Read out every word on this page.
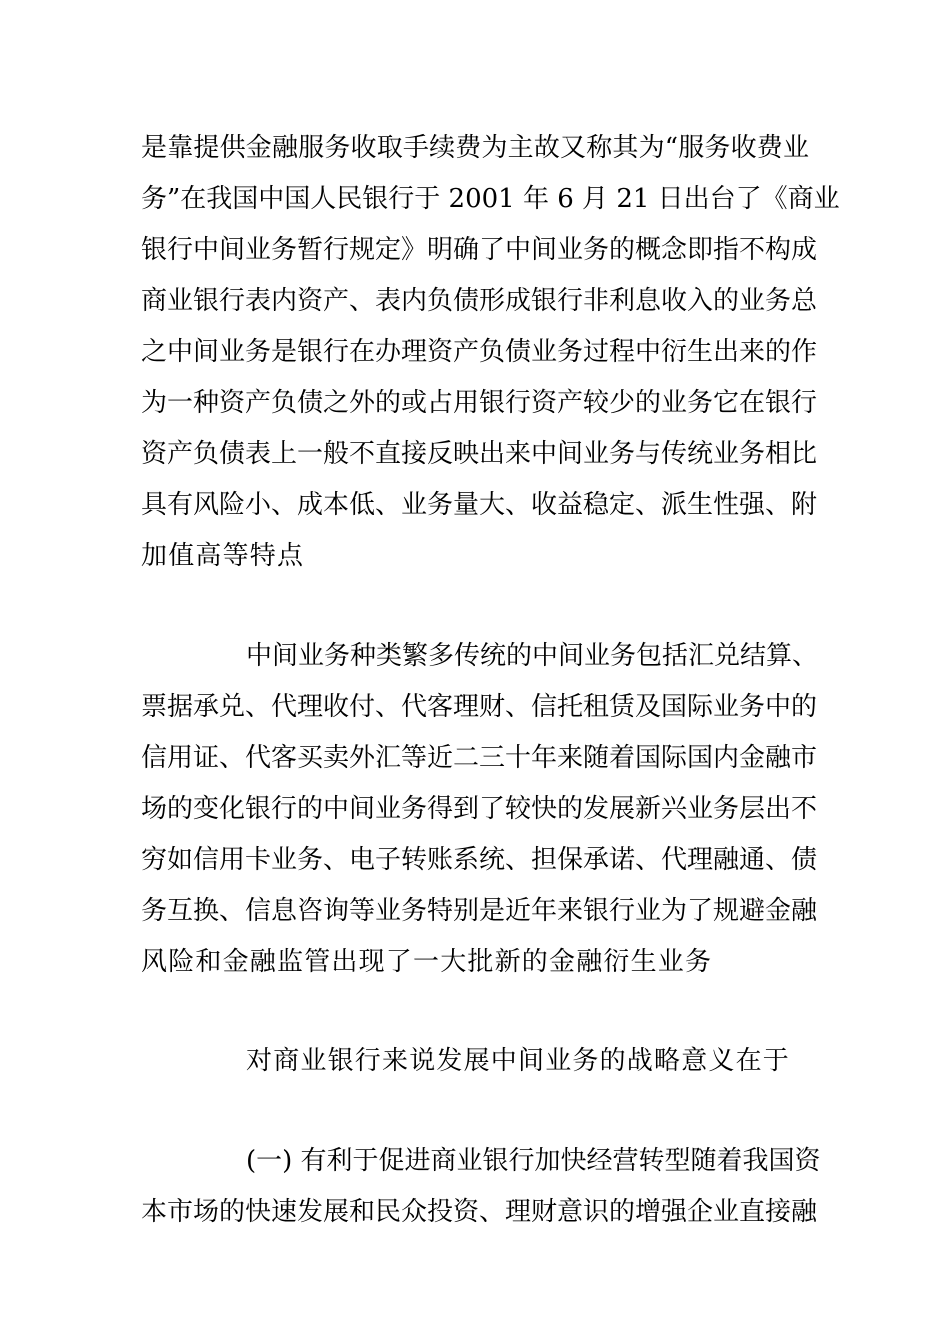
是靠提供金融服务收取手续费为主故又称其为“服务收费业
务”在我国中国人民银行于 2001 年 6 月 21 日出台了《商业
银行中间业务暂行规定》明确了中间业务的概念即指不构成
商业银行表内资产、表内负债形成银行非利息收入的业务总
之中间业务是银行在办理资产负债业务过程中衍生出来的作
为一种资产负债之外的或占用银行资产较少的业务它在银行
资产负债表上一般不直接反映出来中间业务与传统业务相比
具有风险小、成本低、业务量大、收益稳定、派生性强、附
加值高等特点
中间业务种类繁多传统的中间业务包括汇兑结算、
票据承兑、代理收付、代客理财、信托租赁及国际业务中的
信用证、代客买卖外汇等近二三十年来随着国际国内金融市
场的变化银行的中间业务得到了较快的发展新兴业务层出不
穷如信用卡业务、电子转账系统、担保承诺、代理融通、债
务互换、信息咨询等业务特别是近年来银行业为了规避金融
风险和金融监管出现了一大批新的金融衍生业务
对商业银行来说发展中间业务的战略意义在于
(一) 有利于促进商业银行加快经营转型随着我国资
本市场的快速发展和民众投资、理财意识的增强企业直接融
